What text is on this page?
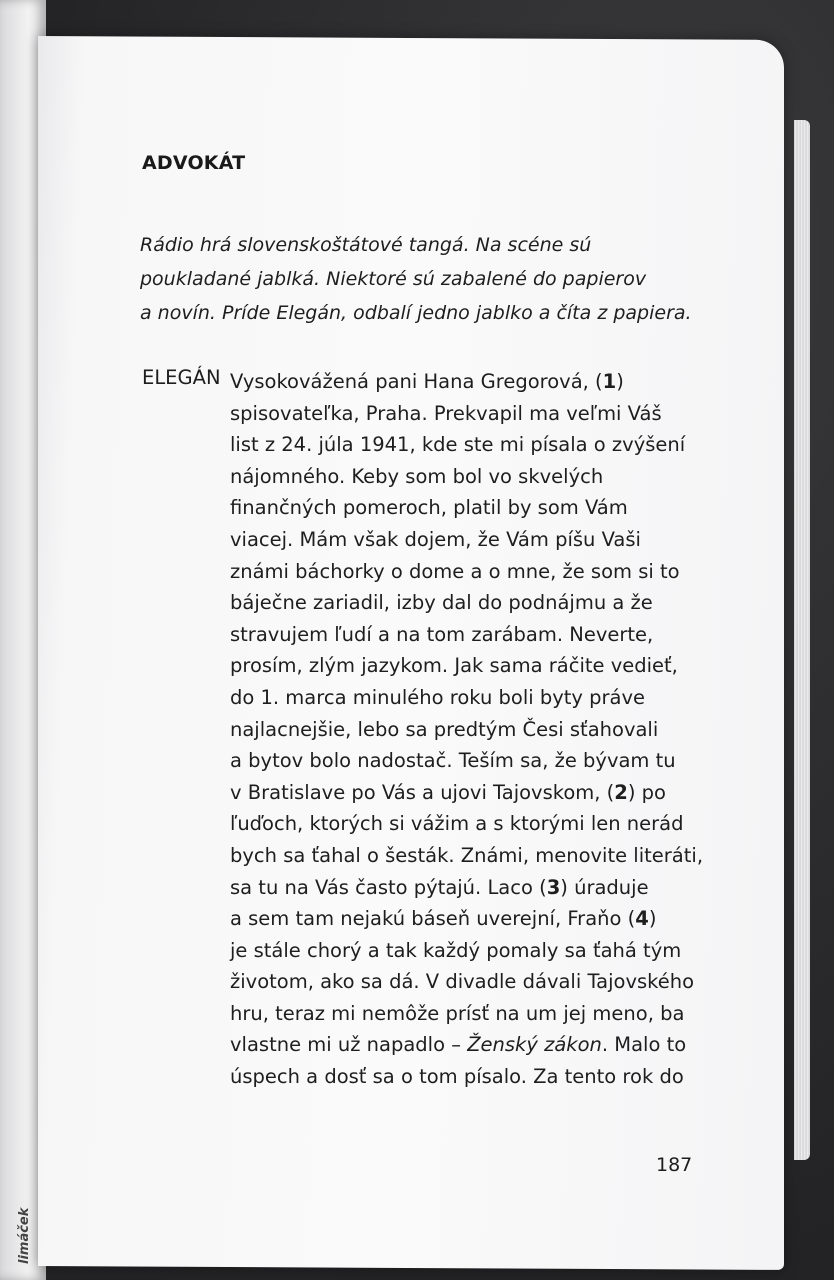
limáček
ADVOKÁT
Rádio hrá slovenskoštátové tangá. Na scéne sú
poukladané jablká. Niektoré sú zabalené do papierov
a novín. Príde Elegán, odbalí jedno jablko a číta z papiera.
ELEGÁN Vysokovážená pani Hana Gregorová, (1)
spisovateľka, Praha. Prekvapil ma veľmi Váš
list z 24. júla 1941, kde ste mi písala o zvýšení
nájomného. Keby som bol vo skvelých
finančných pomeroch, platil by som Vám
viacej. Mám však dojem, že Vám píšu Vaši
známi báchorky o dome a o mne, že som si to
báječne zariadil, izby dal do podnájmu a že
stravujem ľudí a na tom zarábam. Neverte,
prosím, zlým jazykom. Jak sama ráčite vedieť,
do 1. marca minulého roku boli byty práve
najlacnejšie, lebo sa predtým Česi sťahovali
a bytov bolo nadostač. Teším sa, že bývam tu
v Bratislave po Vás a ujovi Tajovskom, (2) po
ľuďoch, ktorých si vážim a s ktorými len nerád
bych sa ťahal o šesták. Známi, menovite literáti,
sa tu na Vás často pýtajú. Laco (3) úraduje
a sem tam nejakú báseň uverejní, Fraňo (4)
je stále chorý a tak každý pomaly sa ťahá tým
životom, ako sa dá. V divadle dávali Tajovského
hru, teraz mi nemôže prísť na um jej meno, ba
vlastne mi už napadlo – Ženský zákon. Malo to
úspech a dosť sa o tom písalo. Za tento rok do
187
